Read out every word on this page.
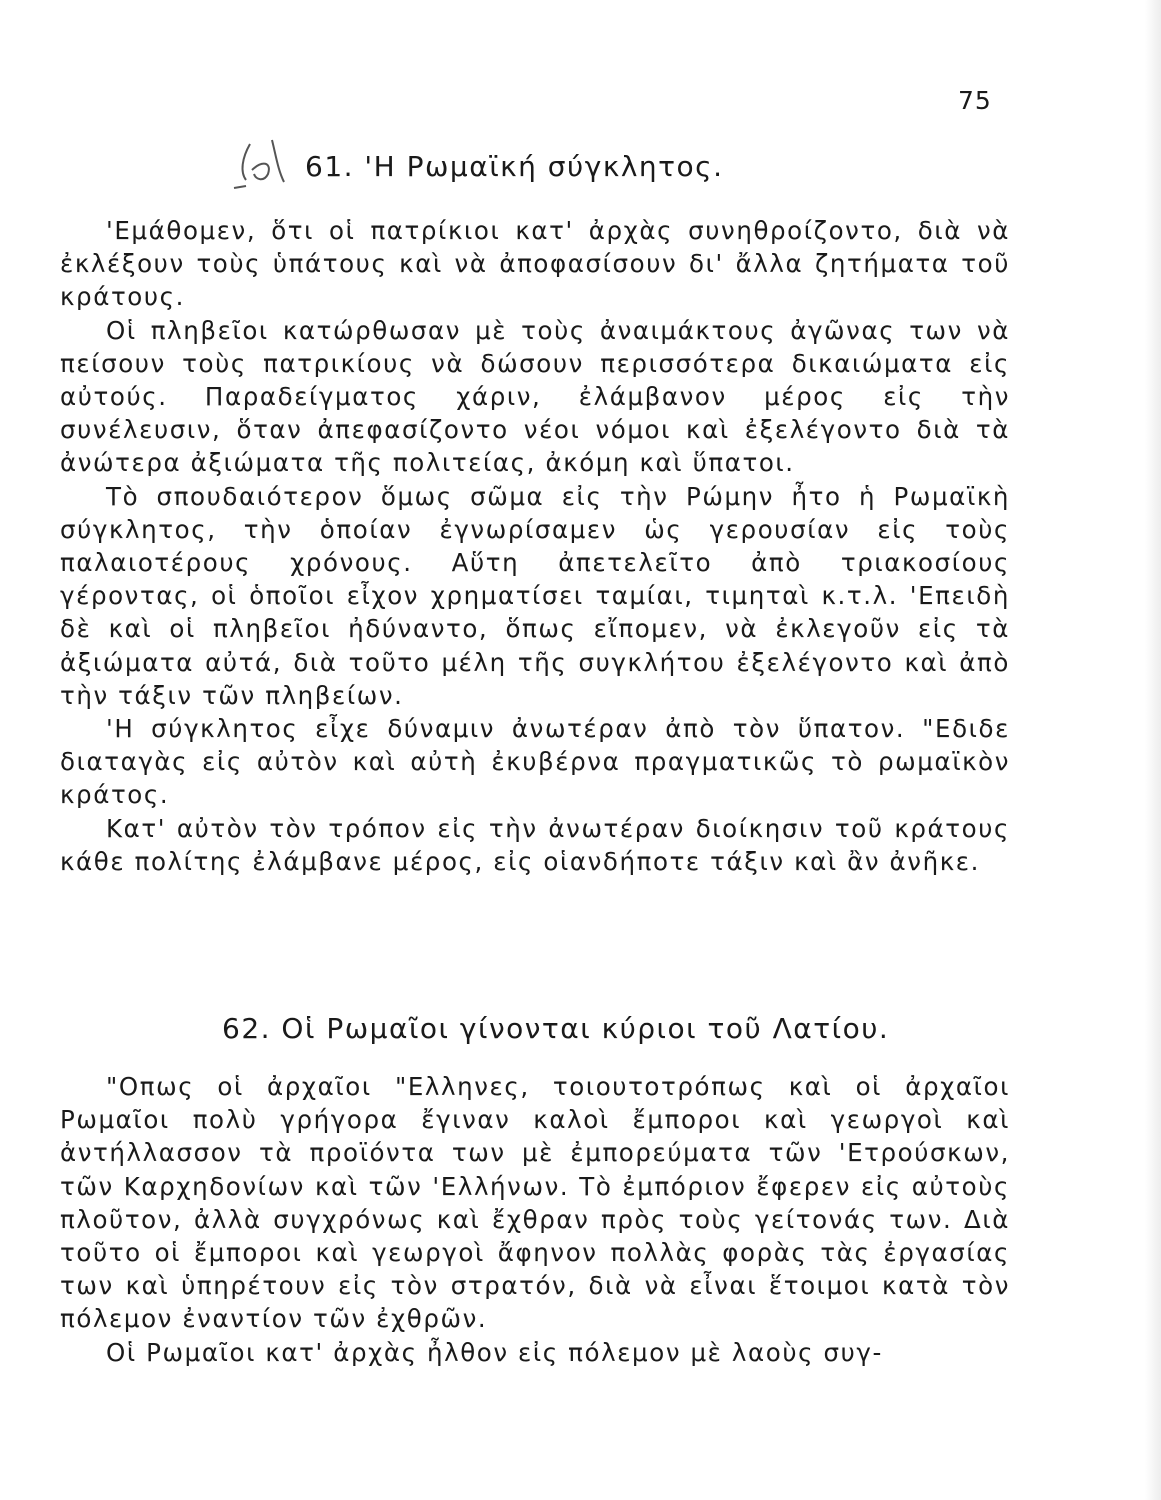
75
61. 'Η Ρωμαϊκή σύγκλητος.

'Εμάθομεν, ὅτι οἱ πατρίκιοι κατ' ἀρχὰς συνηθροίζοντο, διὰ νὰ ἐκλέξουν τοὺς ὑπάτους καὶ νὰ ἀποφασίσουν δι' ἄλλα ζητήματα τοῦ κράτους.

Οἱ πληβεῖοι κατώρθωσαν μὲ τοὺς ἀναιμάκτους ἀγῶνας των νὰ πείσουν τοὺς πατρικίους νὰ δώσουν περισσότερα δικαιώματα εἰς αὐτούς. Παραδείγματος χάριν, ἐλάμβανον μέρος εἰς τὴν συνέλευσιν, ὅταν ἀπεφασίζοντο νέοι νόμοι καὶ ἐξελέγοντο διὰ τὰ ἀνώτερα ἀξιώματα τῆς πολιτείας, ἀκόμη καὶ ὕπατοι.

Τὸ σπουδαιότερον ὅμως σῶμα εἰς τὴν Ρώμην ἦτο ἡ Ρωμαϊκὴ σύγκλητος, τὴν ὁποίαν ἐγνωρίσαμεν ὡς γερουσίαν εἰς τοὺς παλαιοτέρους χρόνους. Αὕτη ἀπετελεῖτο ἀπὸ τριακοσίους γέροντας, οἱ ὁποῖοι εἶχον χρηματίσει ταμίαι, τιμηταὶ κ.τ.λ. 'Επειδὴ δὲ καὶ οἱ πληβεῖοι ἠδύναντο, ὅπως εἴπομεν, νὰ ἐκλεγοῦν εἰς τὰ ἀξιώματα αὐτά, διὰ τοῦτο μέλη τῆς συγκλήτου ἐξελέγοντο καὶ ἀπὸ τὴν τάξιν τῶν πληβείων.

'Η σύγκλητος εἶχε δύναμιν ἀνωτέραν ἀπὸ τὸν ὕπατον. "Εδιδε διαταγὰς εἰς αὐτὸν καὶ αὐτὴ ἐκυβέρνα πραγματικῶς τὸ ρωμαϊκὸν κράτος.

Κατ' αὐτὸν τὸν τρόπον εἰς τὴν ἀνωτέραν διοίκησιν τοῦ κράτους κάθε πολίτης ἐλάμβανε μέρος, εἰς οἱανδήποτε τάξιν καὶ ἂν ἀνῆκε.

62. Οἱ Ρωμαῖοι γίνονται κύριοι τοῦ Λατίου.

"Οπως οἱ ἀρχαῖοι "Ελληνες, τοιουτοτρόπως καὶ οἱ ἀρχαῖοι Ρωμαῖοι πολὺ γρήγορα ἔγιναν καλοὶ ἔμποροι καὶ γεωργοὶ καὶ ἀντήλλασσον τὰ προϊόντα των μὲ ἐμπορεύματα τῶν 'Ετρούσκων, τῶν Καρχηδονίων καὶ τῶν 'Ελλήνων. Τὸ ἐμπόριον ἔφερεν εἰς αὐτοὺς πλοῦτον, ἀλλὰ συγχρόνως καὶ ἔχθραν πρὸς τοὺς γείτονάς των. Διὰ τοῦτο οἱ ἔμποροι καὶ γεωργοὶ ἄφηνον πολλὰς φορὰς τὰς ἐργασίας των καὶ ὑπηρέτουν εἰς τὸν στρατόν, διὰ νὰ εἶναι ἕτοιμοι κατὰ τὸν πόλεμον ἐναντίον τῶν ἐχθρῶν.

Οἱ Ρωμαῖοι κατ' ἀρχὰς ἦλθον εἰς πόλεμον μὲ λαοὺς συγ-
